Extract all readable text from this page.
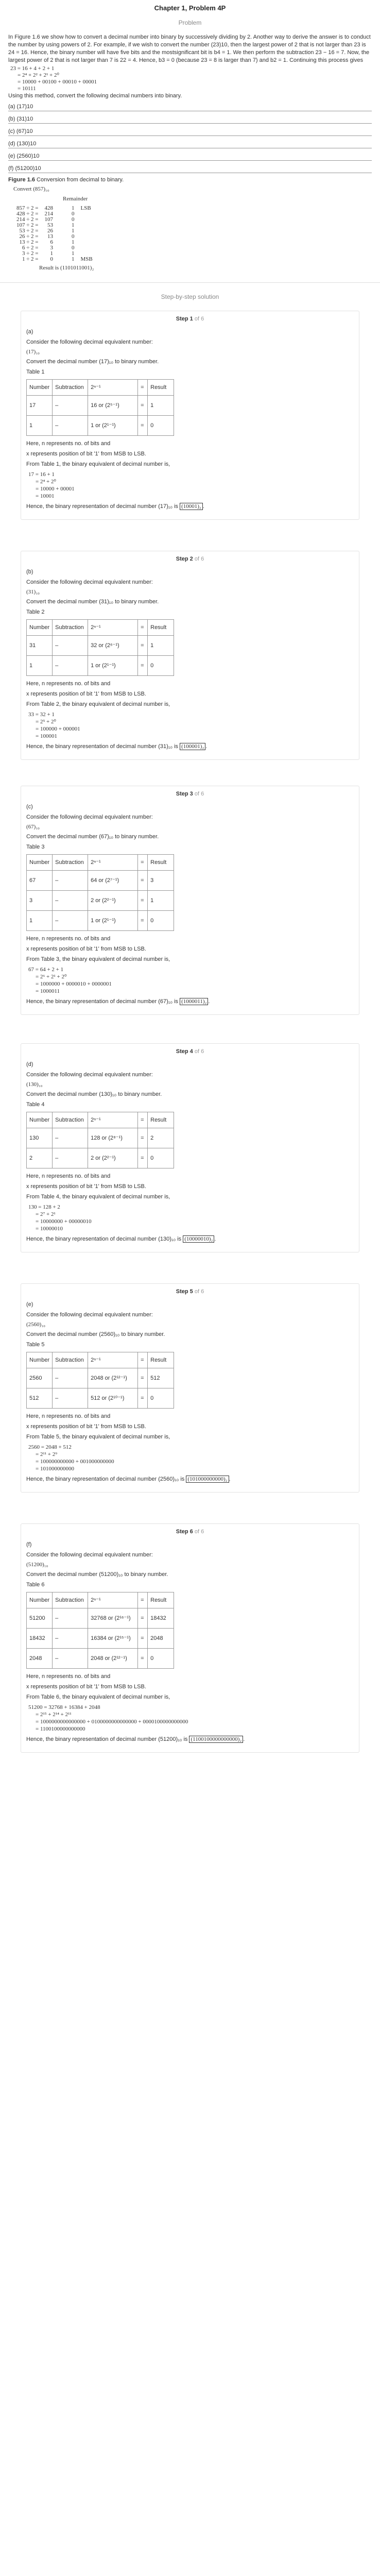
Chapter 1, Problem 4P
Problem

In Figure 1.6 we show how to convert a decimal number into binary by successively dividing by 2. Another way to derive the answer is to conduct the number by using powers of 2. For example, if we wish to convert the number (23)10, then the largest power of 2 that is not larger than 23 is 24 = 16. Hence, the binary number will have five bits and the mostsignificant bit is b4 = 1. We then perform the subtraction 23 − 16 = 7. Now, the largest power of 2 that is not larger than 7 is 22 = 4. Hence, b3 = 0 (because 23 = 8 is larger than 7) and b2 = 1. Continuing this process gives

23 = 16 + 4 + 2 + 1
= 2⁴ + 2² + 2¹ + 2⁰
= 10000 + 00100 + 00010 + 00001
= 10111

Using this method, convert the following decimal numbers into binary.

(a) (17)10
(b) (31)10
(c) (67)10
(d) (130)10
(e) (2560)10
(f) (51200)10
Figure 1.6 Conversion from decimal to binary.
Convert (857)₁₀
Remainder
857 ÷ 2 =	428	1	LSB
428 ÷ 2 =	214	0	
214 ÷ 2 =	107	0	
107 ÷ 2 =	53	1	
53 ÷ 2 =	26	1	
26 ÷ 2 =	13	0	
13 ÷ 2 =	6	1	
6 ÷ 2 =	3	0	
3 ÷ 2 =	1	1	
1 ÷ 2 =	0	1	MSB
Result is (1101011001)₂
Step-by-step solution
Step 1 of 6

(a)

Consider the following decimal equivalent number:

(17)₁₀

Convert the decimal number (17)₁₀ to binary number.

Table 1

Number	Subtraction	2ⁿ⁻¹	=	Result
17	–	16 or (2⁵⁻¹)	=	1
1	–	1 or (2¹⁻¹)	=	0

Here, n represents no. of bits and

x represents position of bit '1' from MSB to LSB.

From Table 1, the binary equivalent of decimal number is,

17 = 16 + 1
= 2⁴ + 2⁰
= 10000 + 00001
= 10001

Hence, the binary representation of decimal number (17)₁₀ is (10001)₂ .

Step 2 of 6

(b)

Consider the following decimal equivalent number:

(31)₁₀

Convert the decimal number (31)₁₀ to binary number.

Table 2

Number	Subtraction	2ⁿ⁻¹	=	Result
31	–	32 or (2⁶⁻¹)	=	1
1	–	1 or (2¹⁻¹)	=	0

Here, n represents no. of bits and

x represents position of bit '1' from MSB to LSB.

From Table 2, the binary equivalent of decimal number is,

33 = 32 + 1
= 2⁵ + 2⁰
= 100000 + 000001
= 100001

Hence, the binary representation of decimal number (31)₁₀ is (100001)₂ .

Step 3 of 6

(c)

Consider the following decimal equivalent number:

(67)₁₀

Convert the decimal number (67)₁₀ to binary number.

Table 3

Number	Subtraction	2ⁿ⁻¹	=	Result
67	–	64 or (2⁷⁻¹)	=	3
3	–	2 or (2²⁻¹)	=	1
1	–	1 or (2¹⁻¹)	=	0

Here, n represents no. of bits and

x represents position of bit '1' from MSB to LSB.

From Table 3, the binary equivalent of decimal number is,

67 = 64 + 2 + 1
= 2⁶ + 2¹ + 2⁰
= 1000000 + 0000010 + 0000001
= 1000011

Hence, the binary representation of decimal number (67)₁₀ is (1000011)₂ .

Step 4 of 6

(d)

Consider the following decimal equivalent number:

(130)₁₀

Convert the decimal number (130)₁₀ to binary number.

Table 4

Number	Subtraction	2ⁿ⁻¹	=	Result
130	–	128 or (2⁸⁻¹)	=	2
2	–	2 or (2²⁻¹)	=	0

Here, n represents no. of bits and

x represents position of bit '1' from MSB to LSB.

From Table 4, the binary equivalent of decimal number is,

130 = 128 + 2
= 2⁷ + 2¹
= 10000000 + 00000010
= 10000010

Hence, the binary representation of decimal number (130)₁₀ is (10000010)₂ .

Step 5 of 6

(e)

Consider the following decimal equivalent number:

(2560)₁₀

Convert the decimal number (2560)₁₀ to binary number.

Table 5

Number	Subtraction	2ⁿ⁻¹	=	Result
2560	–	2048 or (2¹²⁻¹)	=	512
512	–	512 or (2¹⁰⁻¹)	=	0

Here, n represents no. of bits and

x represents position of bit '1' from MSB to LSB.

From Table 5, the binary equivalent of decimal number is,

2560 = 2048 + 512
= 2¹¹ + 2⁹
= 100000000000 + 001000000000
= 101000000000

Hence, the binary representation of decimal number (2560)₁₀ is (101000000000)₂ .

Step 6 of 6

(f)

Consider the following decimal equivalent number:

(51200)₁₀

Convert the decimal number (51200)₁₀ to binary number.

Table 6

Number	Subtraction	2ⁿ⁻¹	=	Result
51200	–	32768 or (2¹⁶⁻¹)	=	18432
18432	–	16384 or (2¹⁵⁻¹)	=	2048
2048	–	2048 or (2¹²⁻¹)	=	0

Here, n represents no. of bits and

x represents position of bit '1' from MSB to LSB.

From Table 6, the binary equivalent of decimal number is,

51200 = 32768 + 16384 + 2048
= 2¹⁵ + 2¹⁴ + 2¹¹
= 1000000000000000 + 0100000000000000 + 0000100000000000
= 1100100000000000

Hence, the binary representation of decimal number (51200)₁₀ is (1100100000000000)₂ .
